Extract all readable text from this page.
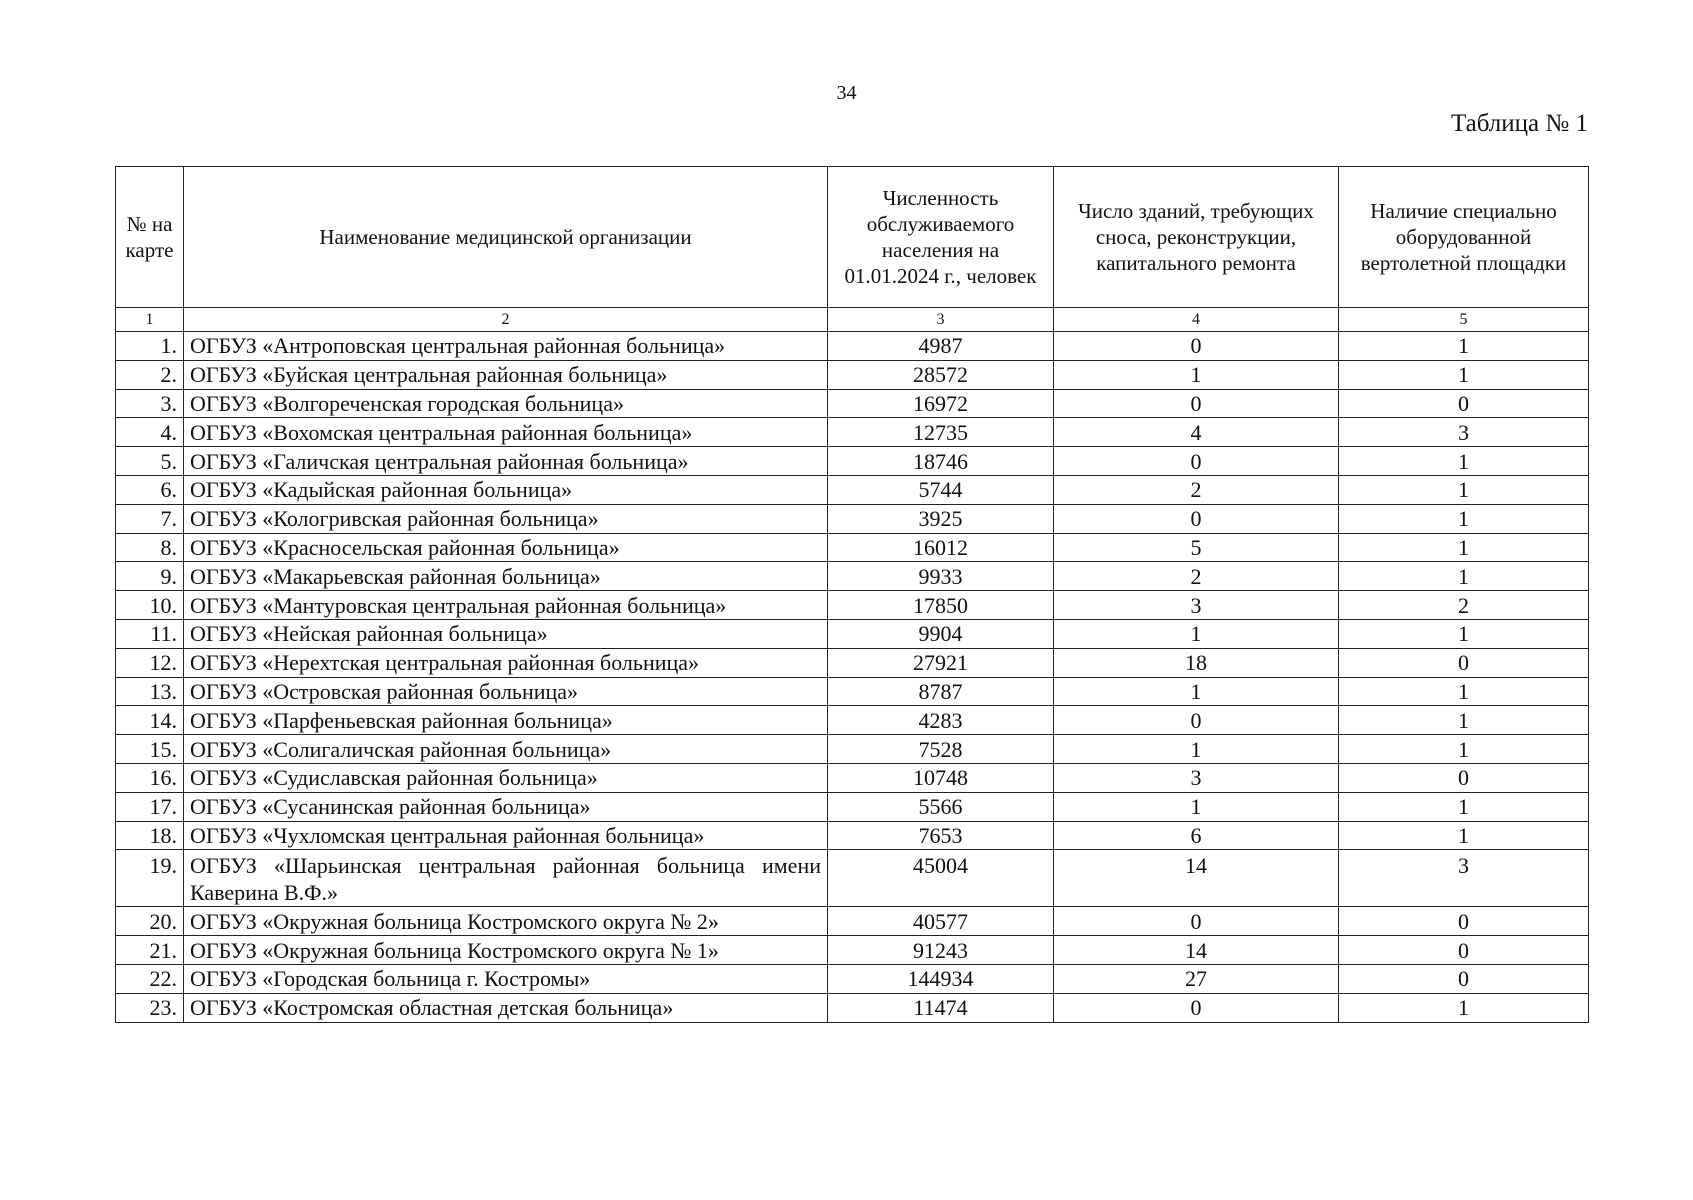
34
Таблица № 1
№ на карте	Наименование медицинской организации	Численность обслуживаемого населения на 01.01.2024 г., человек	Число зданий, требующих сноса, реконструкции, капитального ремонта	Наличие специально оборудованной вертолетной площадки
1	2	3	4	5
1.	ОГБУЗ «Антроповская центральная районная больница»	4987	0	1
2.	ОГБУЗ «Буйская центральная районная больница»	28572	1	1
3.	ОГБУЗ «Волгореченская городская больница»	16972	0	0
4.	ОГБУЗ «Вохомская центральная районная больница»	12735	4	3
5.	ОГБУЗ «Галичская центральная районная больница»	18746	0	1
6.	ОГБУЗ «Кадыйская районная больница»	5744	2	1
7.	ОГБУЗ «Кологривская районная больница»	3925	0	1
8.	ОГБУЗ «Красносельская районная больница»	16012	5	1
9.	ОГБУЗ «Макарьевская районная больница»	9933	2	1
10.	ОГБУЗ «Мантуровская центральная районная больница»	17850	3	2
11.	ОГБУЗ «Нейская районная больница»	9904	1	1
12.	ОГБУЗ «Нерехтская центральная районная больница»	27921	18	0
13.	ОГБУЗ «Островская районная больница»	8787	1	1
14.	ОГБУЗ «Парфеньевская районная больница»	4283	0	1
15.	ОГБУЗ «Солигаличская районная больница»	7528	1	1
16.	ОГБУЗ «Судиславская районная больница»	10748	3	0
17.	ОГБУЗ «Сусанинская районная больница»	5566	1	1
18.	ОГБУЗ «Чухломская центральная районная больница»	7653	6	1
19.	ОГБУЗ «Шарьинская центральная районная больница имени Каверина В.Ф.»	45004	14	3
20.	ОГБУЗ «Окружная больница Костромского округа № 2»	40577	0	0
21.	ОГБУЗ «Окружная больница Костромского округа № 1»	91243	14	0
22.	ОГБУЗ «Городская больница г. Костромы»	144934	27	0
23.	ОГБУЗ «Костромская областная детская больница»	11474	0	1
